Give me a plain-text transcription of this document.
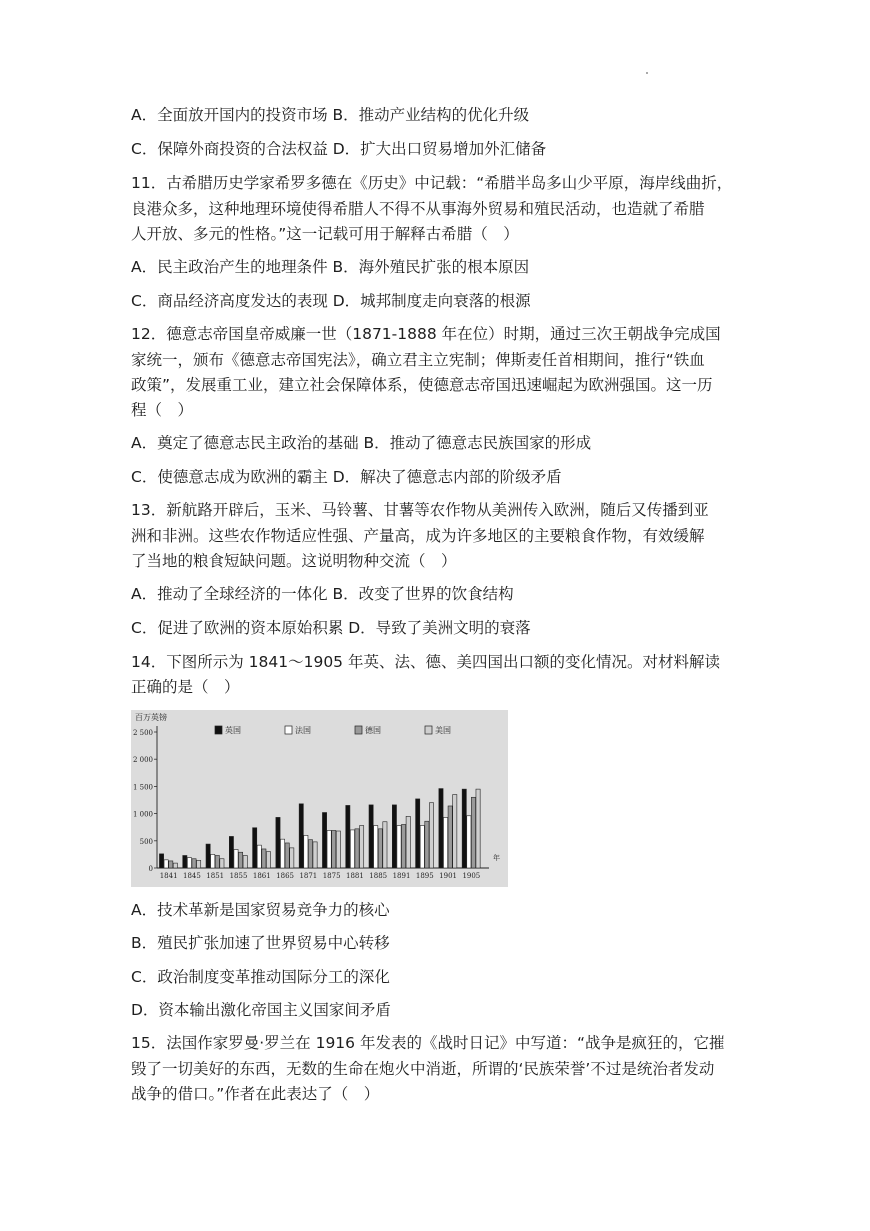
A．全面放开国内的投资市场 B．推动产业结构的优化升级
C．保障外商投资的合法权益 D．扩大出口贸易增加外汇储备
11．古希腊历史学家希罗多德在《历史》中记载：“希腊半岛多山少平原，海岸线曲折，
良港众多，这种地理环境使得希腊人不得不从事海外贸易和殖民活动，也造就了希腊
人开放、多元的性格。”这一记载可用于解释古希腊（　）
A．民主政治产生的地理条件 B．海外殖民扩张的根本原因
C．商品经济高度发达的表现 D．城邦制度走向衰落的根源
12．德意志帝国皇帝威廉一世（1871-1888 年在位）时期，通过三次王朝战争完成国
家统一，颁布《德意志帝国宪法》，确立君主立宪制；俾斯麦任首相期间，推行“铁血
政策”，发展重工业，建立社会保障体系，使德意志帝国迅速崛起为欧洲强国。这一历
程（　）
A．奠定了德意志民主政治的基础 B．推动了德意志民族国家的形成
C．使德意志成为欧洲的霸主 D．解决了德意志内部的阶级矛盾
13．新航路开辟后，玉米、马铃薯、甘薯等农作物从美洲传入欧洲，随后又传播到亚
洲和非洲。这些农作物适应性强、产量高，成为许多地区的主要粮食作物，有效缓解
了当地的粮食短缺问题。这说明物种交流（　）
A．推动了全球经济的一体化 B．改变了世界的饮食结构
C．促进了欧洲的资本原始积累 D．导致了美洲文明的衰落
14．下图所示为 1841～1905 年英、法、德、美四国出口额的变化情况。对材料解读
正确的是（　）
百万英镑
0
500
1 000
1 500
2 000
2 500
年
1841 1845 1851 1855 1861 1865 1871 1875 1881 1885 1891 1895 1901 1905
英国	法国	德国	美国
A．技术革新是国家贸易竞争力的核心
B．殖民扩张加速了世界贸易中心转移
C．政治制度变革推动国际分工的深化
D．资本输出激化帝国主义国家间矛盾
15．法国作家罗曼·罗兰在 1916 年发表的《战时日记》中写道：“战争是疯狂的，它摧
毁了一切美好的东西，无数的生命在炮火中消逝，所谓的‘民族荣誉’不过是统治者发动
战争的借口。”作者在此表达了（　）
